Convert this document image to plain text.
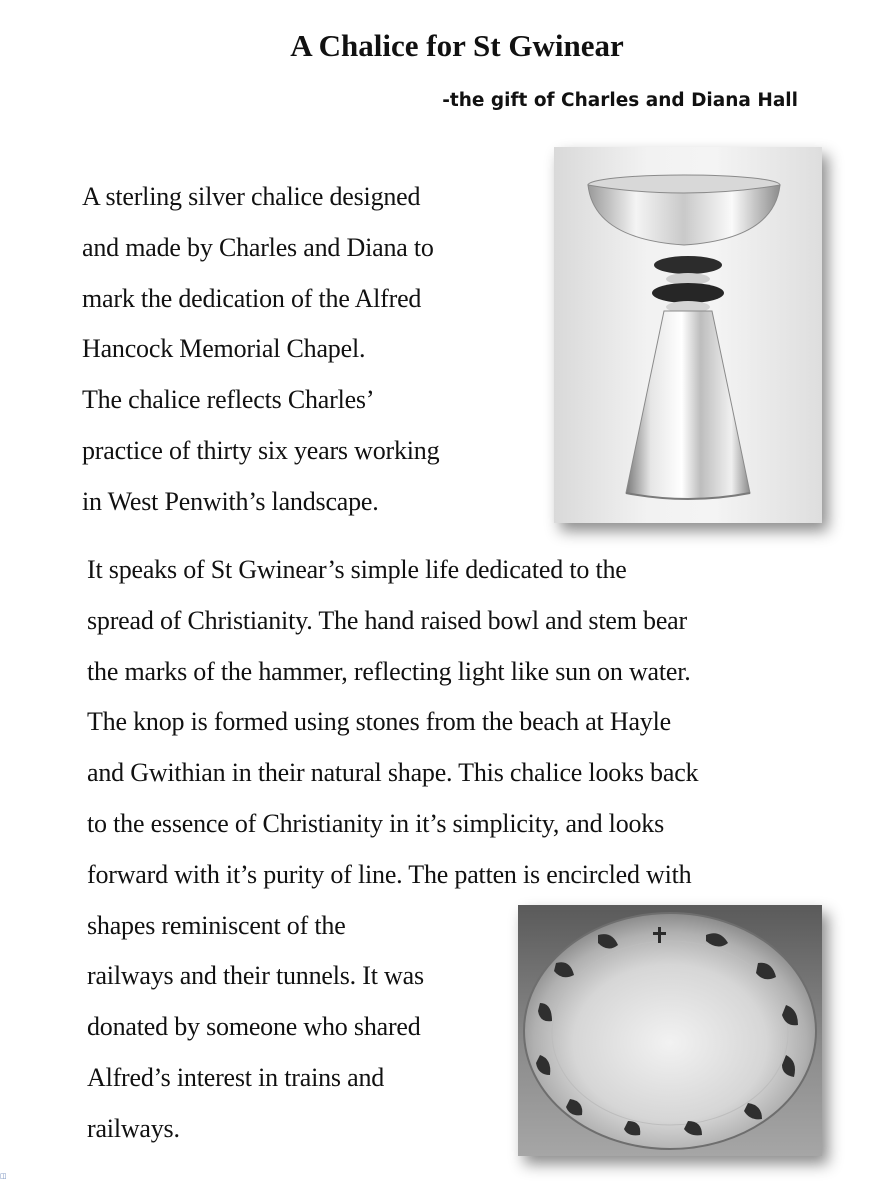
A Chalice for St Gwinear
-the gift of Charles and Diana Hall
A sterling silver chalice designed
and made by Charles and Diana to
mark the dedication of the Alfred
Hancock Memorial Chapel.
The chalice reflects Charles’
practice of thirty six years working
in West Penwith’s landscape.
It speaks of St Gwinear’s simple life dedicated to the
spread of Christianity. The hand raised bowl and stem bear
the marks of the hammer, reflecting light like sun on water.
The knop is formed using stones from the beach at Hayle
and Gwithian in their natural shape. This chalice looks back
to the essence of Christianity in it’s simplicity, and looks
forward with it’s purity of line. The patten is encircled with
shapes reminiscent of the
railways and their tunnels. It was
donated by someone who shared
Alfred’s interest in trains and
railways.
◫
